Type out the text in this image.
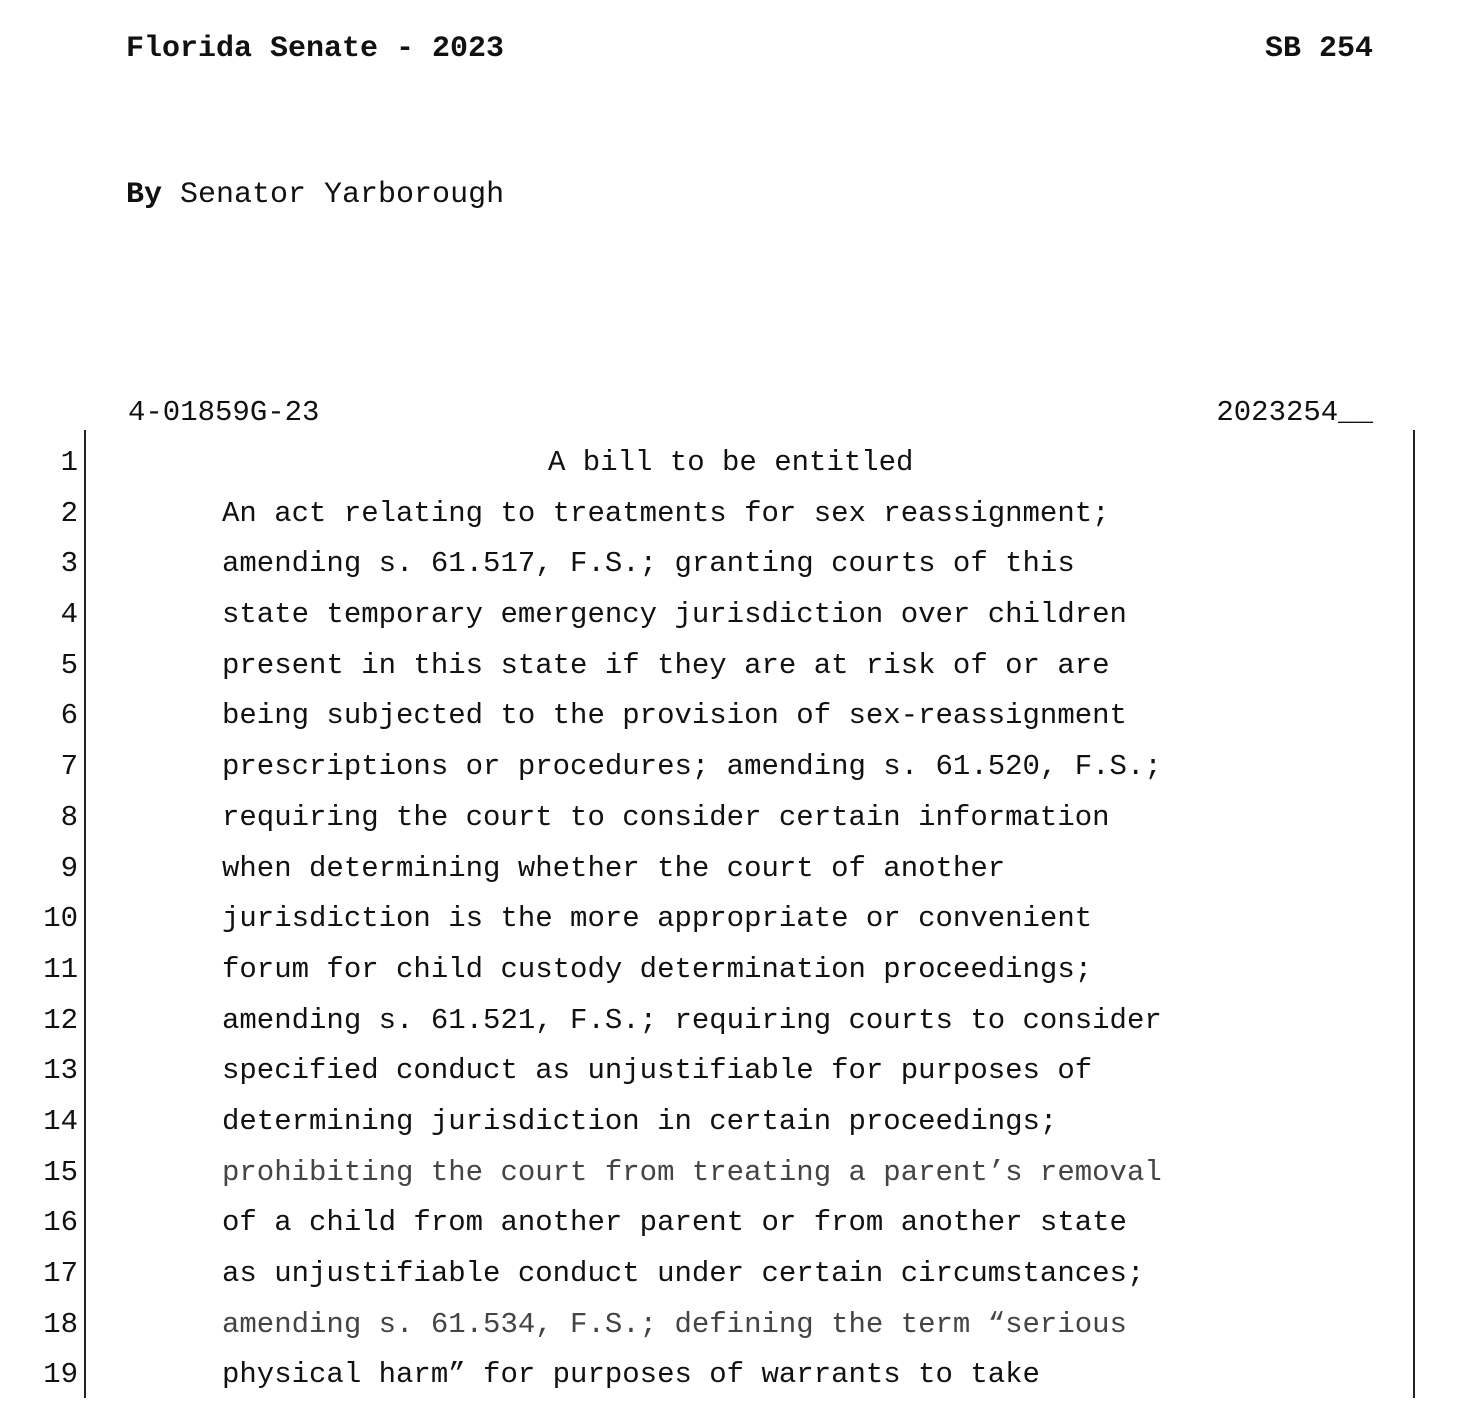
Florida Senate - 2023	SB 254
By Senator Yarborough
4-01859G-23	2023254__
1	A bill to be entitled
2	An act relating to treatments for sex reassignment;
3	amending s. 61.517, F.S.; granting courts of this
4	state temporary emergency jurisdiction over children
5	present in this state if they are at risk of or are
6	being subjected to the provision of sex-reassignment
7	prescriptions or procedures; amending s. 61.520, F.S.;
8	requiring the court to consider certain information
9	when determining whether the court of another
10	jurisdiction is the more appropriate or convenient
11	forum for child custody determination proceedings;
12	amending s. 61.521, F.S.; requiring courts to consider
13	specified conduct as unjustifiable for purposes of
14	determining jurisdiction in certain proceedings;
15	prohibiting the court from treating a parent’s removal
16	of a child from another parent or from another state
17	as unjustifiable conduct under certain circumstances;
18	amending s. 61.534, F.S.; defining the term “serious
19	physical harm” for purposes of warrants to take
